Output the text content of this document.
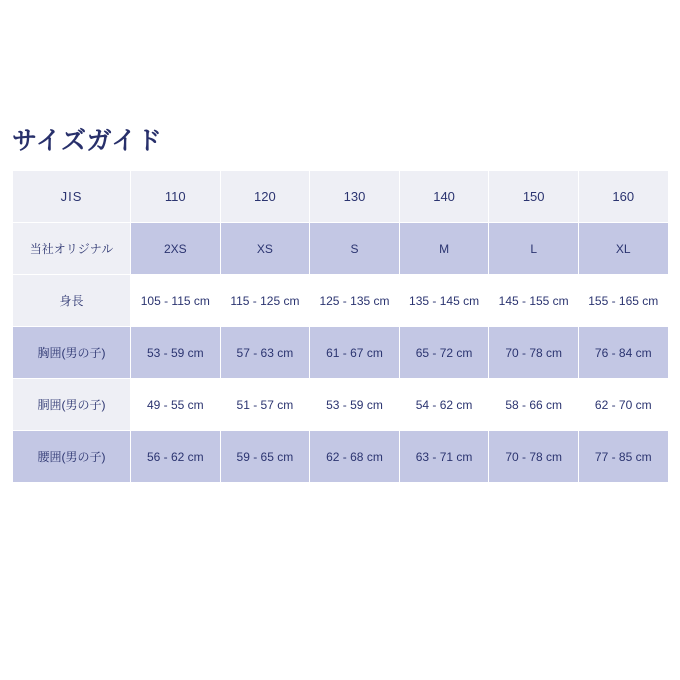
サイズガイド
JIS	110	120	130	140	150	160
当社オリジナル	2XS	XS	S	M	L	XL
身長	105 - 115 cm	115 - 125 cm	125 - 135 cm	135 - 145 cm	145 - 155 cm	155 - 165 cm
胸囲(男の子)	53 - 59 cm	57 - 63 cm	61 - 67 cm	65 - 72 cm	70 - 78 cm	76 - 84 cm
胴囲(男の子)	49 - 55 cm	51 - 57 cm	53 - 59 cm	54 - 62 cm	58 - 66 cm	62 - 70 cm
腰囲(男の子)	56 - 62 cm	59 - 65 cm	62 - 68 cm	63 - 71 cm	70 - 78 cm	77 - 85 cm
